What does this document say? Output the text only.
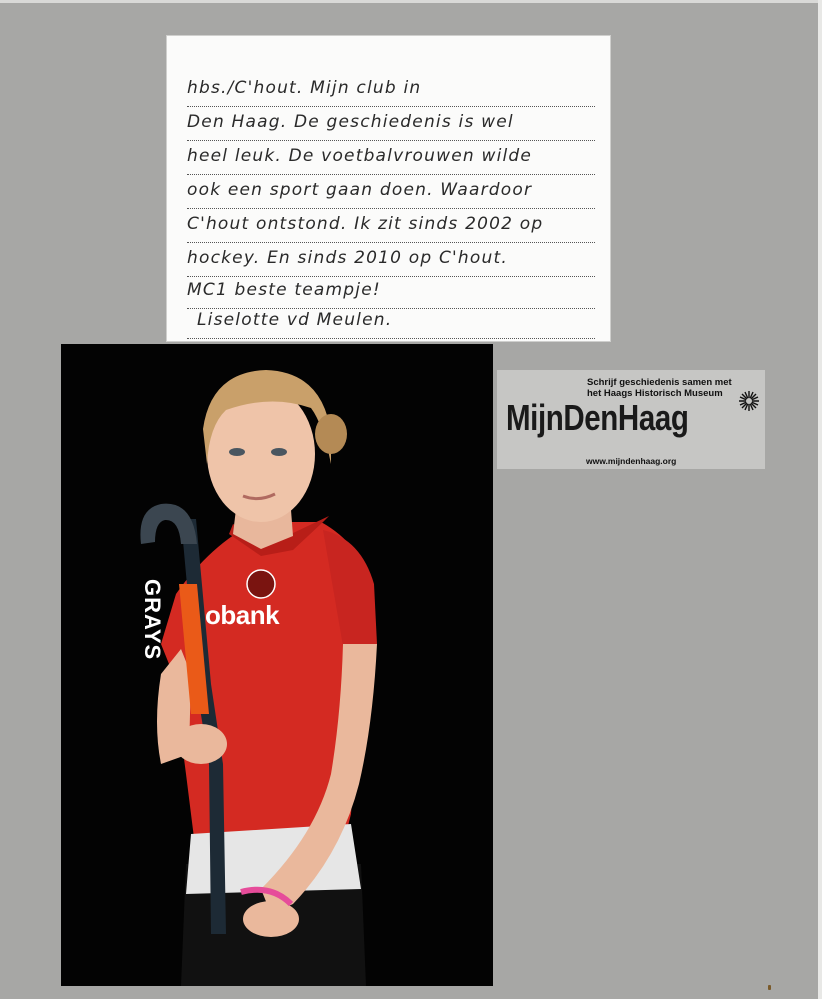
hbs./C'hout. Mijn club in
Den Haag. De geschiedenis is wel
heel leuk. De voetbalvrouwen wilde
ook een sport gaan doen. Waardoor
C'hout ontstond. Ik zit sinds 2002 op
hockey. En sinds 2010 op C'hout.
MC1 beste teampje!
Liselotte vd Meulen.
GRAYS obank
Schrijf geschiedenis samen met
het Haags Historisch Museum
MijnDenHaag
www.mijndenhaag.org
